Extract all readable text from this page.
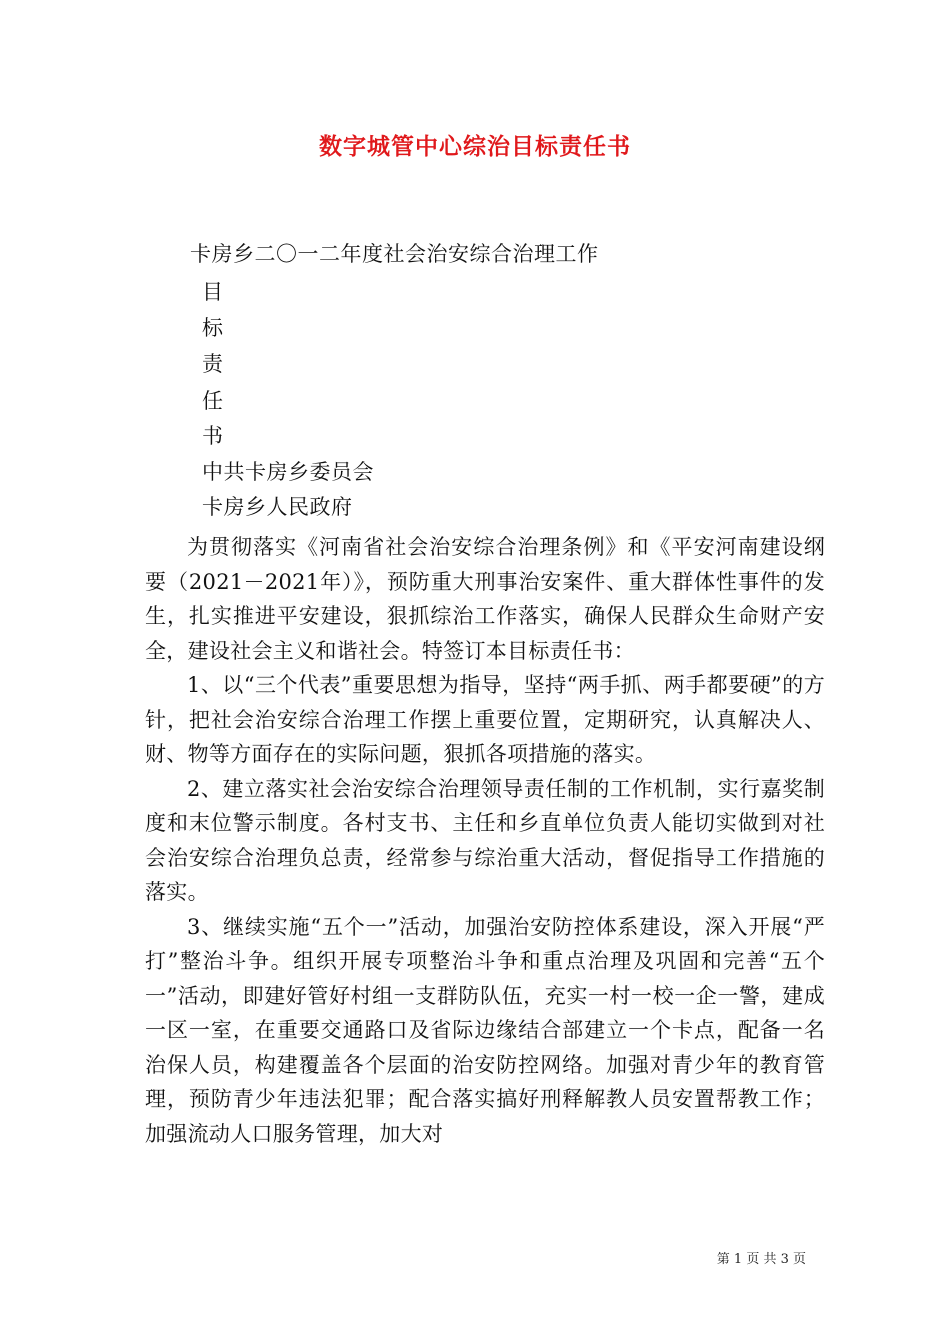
数字城管中心综治目标责任书
卡房乡二〇一二年度社会治安综合治理工作
目
标
责
任
书
中共卡房乡委员会
卡房乡人民政府

为贯彻落实《河南省社会治安综合治理条例》和《平安河南建设纲要（2021－2021年）》，预防重大刑事治安案件、重大群体性事件的发生，扎实推进平安建设，狠抓综治工作落实，确保人民群众生命财产安全，建设社会主义和谐社会。特签订本目标责任书：

1、以“三个代表”重要思想为指导，坚持“两手抓、两手都要硬”的方针，把社会治安综合治理工作摆上重要位置，定期研究，认真解决人、财、物等方面存在的实际问题，狠抓各项措施的落实。

2、建立落实社会治安综合治理领导责任制的工作机制，实行嘉奖制度和末位警示制度。各村支书、主任和乡直单位负责人能切实做到对社会治安综合治理负总责，经常参与综治重大活动，督促指导工作措施的落实。

3、继续实施“五个一”活动，加强治安防控体系建设，深入开展“严打”整治斗争。组织开展专项整治斗争和重点治理及巩固和完善“五个一”活动，即建好管好村组一支群防队伍，充实一村一校一企一警，建成一区一室，在重要交通路口及省际边缘结合部建立一个卡点，配备一名治保人员，构建覆盖各个层面的治安防控网络。加强对青少年的教育管理，预防青少年违法犯罪；配合落实搞好刑释解教人员安置帮教工作；加强流动人口服务管理，加大对

第 1 页 共 3 页
